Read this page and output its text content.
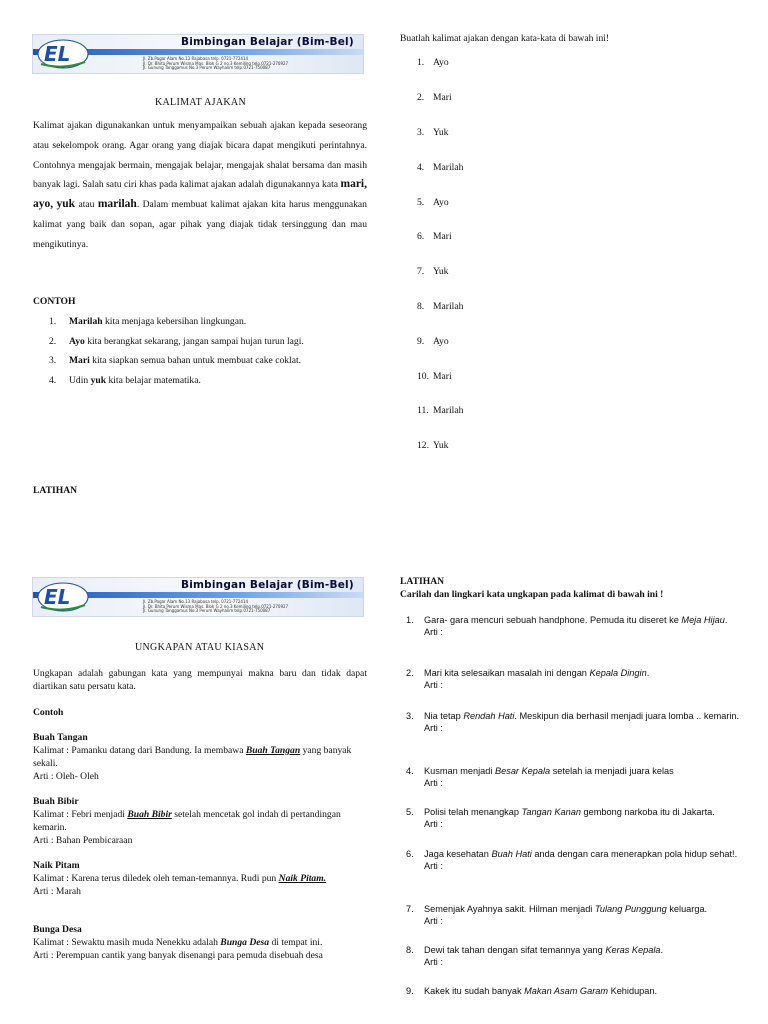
EL	Bimbingan Belajar (Bim-Bel)
Jl. Zb.Pagar Alam No.13 Rajabasa telp. 0721-772414
Jl. Dr. Bhita Perum Wisma Mas. Blok G 2 no.3 Kemiling telp.0721-270927
Jl. Gunung Tanggamus No.3 Perum Wayhalim telp.0721-750087
KALIMAT AJAKAN
Kalimat ajakan digunakankan untuk menyampaikan sebuah ajakan kepada seseorang atau sekelompok orang. Agar orang yang diajak bicara dapat mengikuti perintahnya. Contohnya mengajak bermain, mengajak belajar, mengajak shalat bersama dan masih banyak lagi. Salah satu ciri khas pada kalimat ajakan adalah digunakannya kata mari, ayo, yuk atau marilah. Dalam membuat kalimat ajakan kita harus menggunakan kalimat yang baik dan sopan, agar pihak yang diajak tidak tersinggung dan mau mengikutinya.
CONTOH
1.	Marilah kita menjaga kebersihan lingkungan.
2.	Ayo kita berangkat sekarang, jangan sampai hujan turun lagi.
3.	Mari kita siapkan semua bahan untuk membuat cake coklat.
4.	Udin yuk kita belajar matematika.
LATIHAN
Buatlah kalimat ajakan dengan kata-kata di bawah ini!
1. Ayo
2. Mari
3. Yuk
4. Marilah
5. Ayo
6. Mari
7. Yuk
8. Marilah
9. Ayo
10. Mari
11. Marilah
12. Yuk
EL	Bimbingan Belajar (Bim-Bel)
Jl. Zb.Pagar Alam No.13 Rajabasa telp. 0721-772414
Jl. Dr. Bhita Perum Wisma Mas. Blok G 2 no.3 Kemiling telp.0721-270927
Jl. Gunung Tanggamus No.3 Perum Wayhalim telp.0721-750087
UNGKAPAN ATAU KIASAN
Ungkapan adalah gabungan kata yang mempunyai makna baru dan tidak dapat diartikan satu persatu kata.
Contoh
Buah Tangan
Kalimat : Pamanku datang dari Bandung. Ia membawa Buah Tangan yang banyak sekali.
Arti : Oleh- Oleh
Buah Bibir
Kalimat : Febri menjadi Buah Bibir setelah mencetak gol indah di pertandingan kemarin.
Arti : Bahan Pembicaraan
Naik Pitam
Kalimat : Karena terus diledek oleh teman-temannya. Rudi pun Naik Pitam.
Arti : Marah
Bunga Desa
Kalimat : Sewaktu masih muda Nenekku adalah Bunga Desa di tempat ini.
Arti : Perempuan cantik yang banyak disenangi para pemuda disebuah desa
LATIHAN
Carilah dan lingkari kata ungkapan pada kalimat di bawah ini !
1. Gara- gara mencuri sebuah handphone. Pemuda itu diseret ke Meja Hijau.
Arti :
2. Mari kita selesaikan masalah ini dengan Kepala Dingin.
Arti :
3. Nia tetap Rendah Hati. Meskipun dia berhasil menjadi juara lomba .. kemarin.
Arti :
4. Kusman menjadi Besar Kepala setelah ia menjadi juara kelas
Arti :
5. Polisi telah menangkap Tangan Kanan gembong narkoba itu di Jakarta.
Arti :
6. Jaga kesehatan Buah Hati anda dengan cara menerapkan pola hidup sehat!.
Arti :
7. Semenjak Ayahnya sakit. Hilman menjadi Tulang Punggung keluarga.
Arti :
8. Dewi tak tahan dengan sifat temannya yang Keras Kepala.
Arti :
9. Kakek itu sudah banyak Makan Asam Garam Kehidupan.
